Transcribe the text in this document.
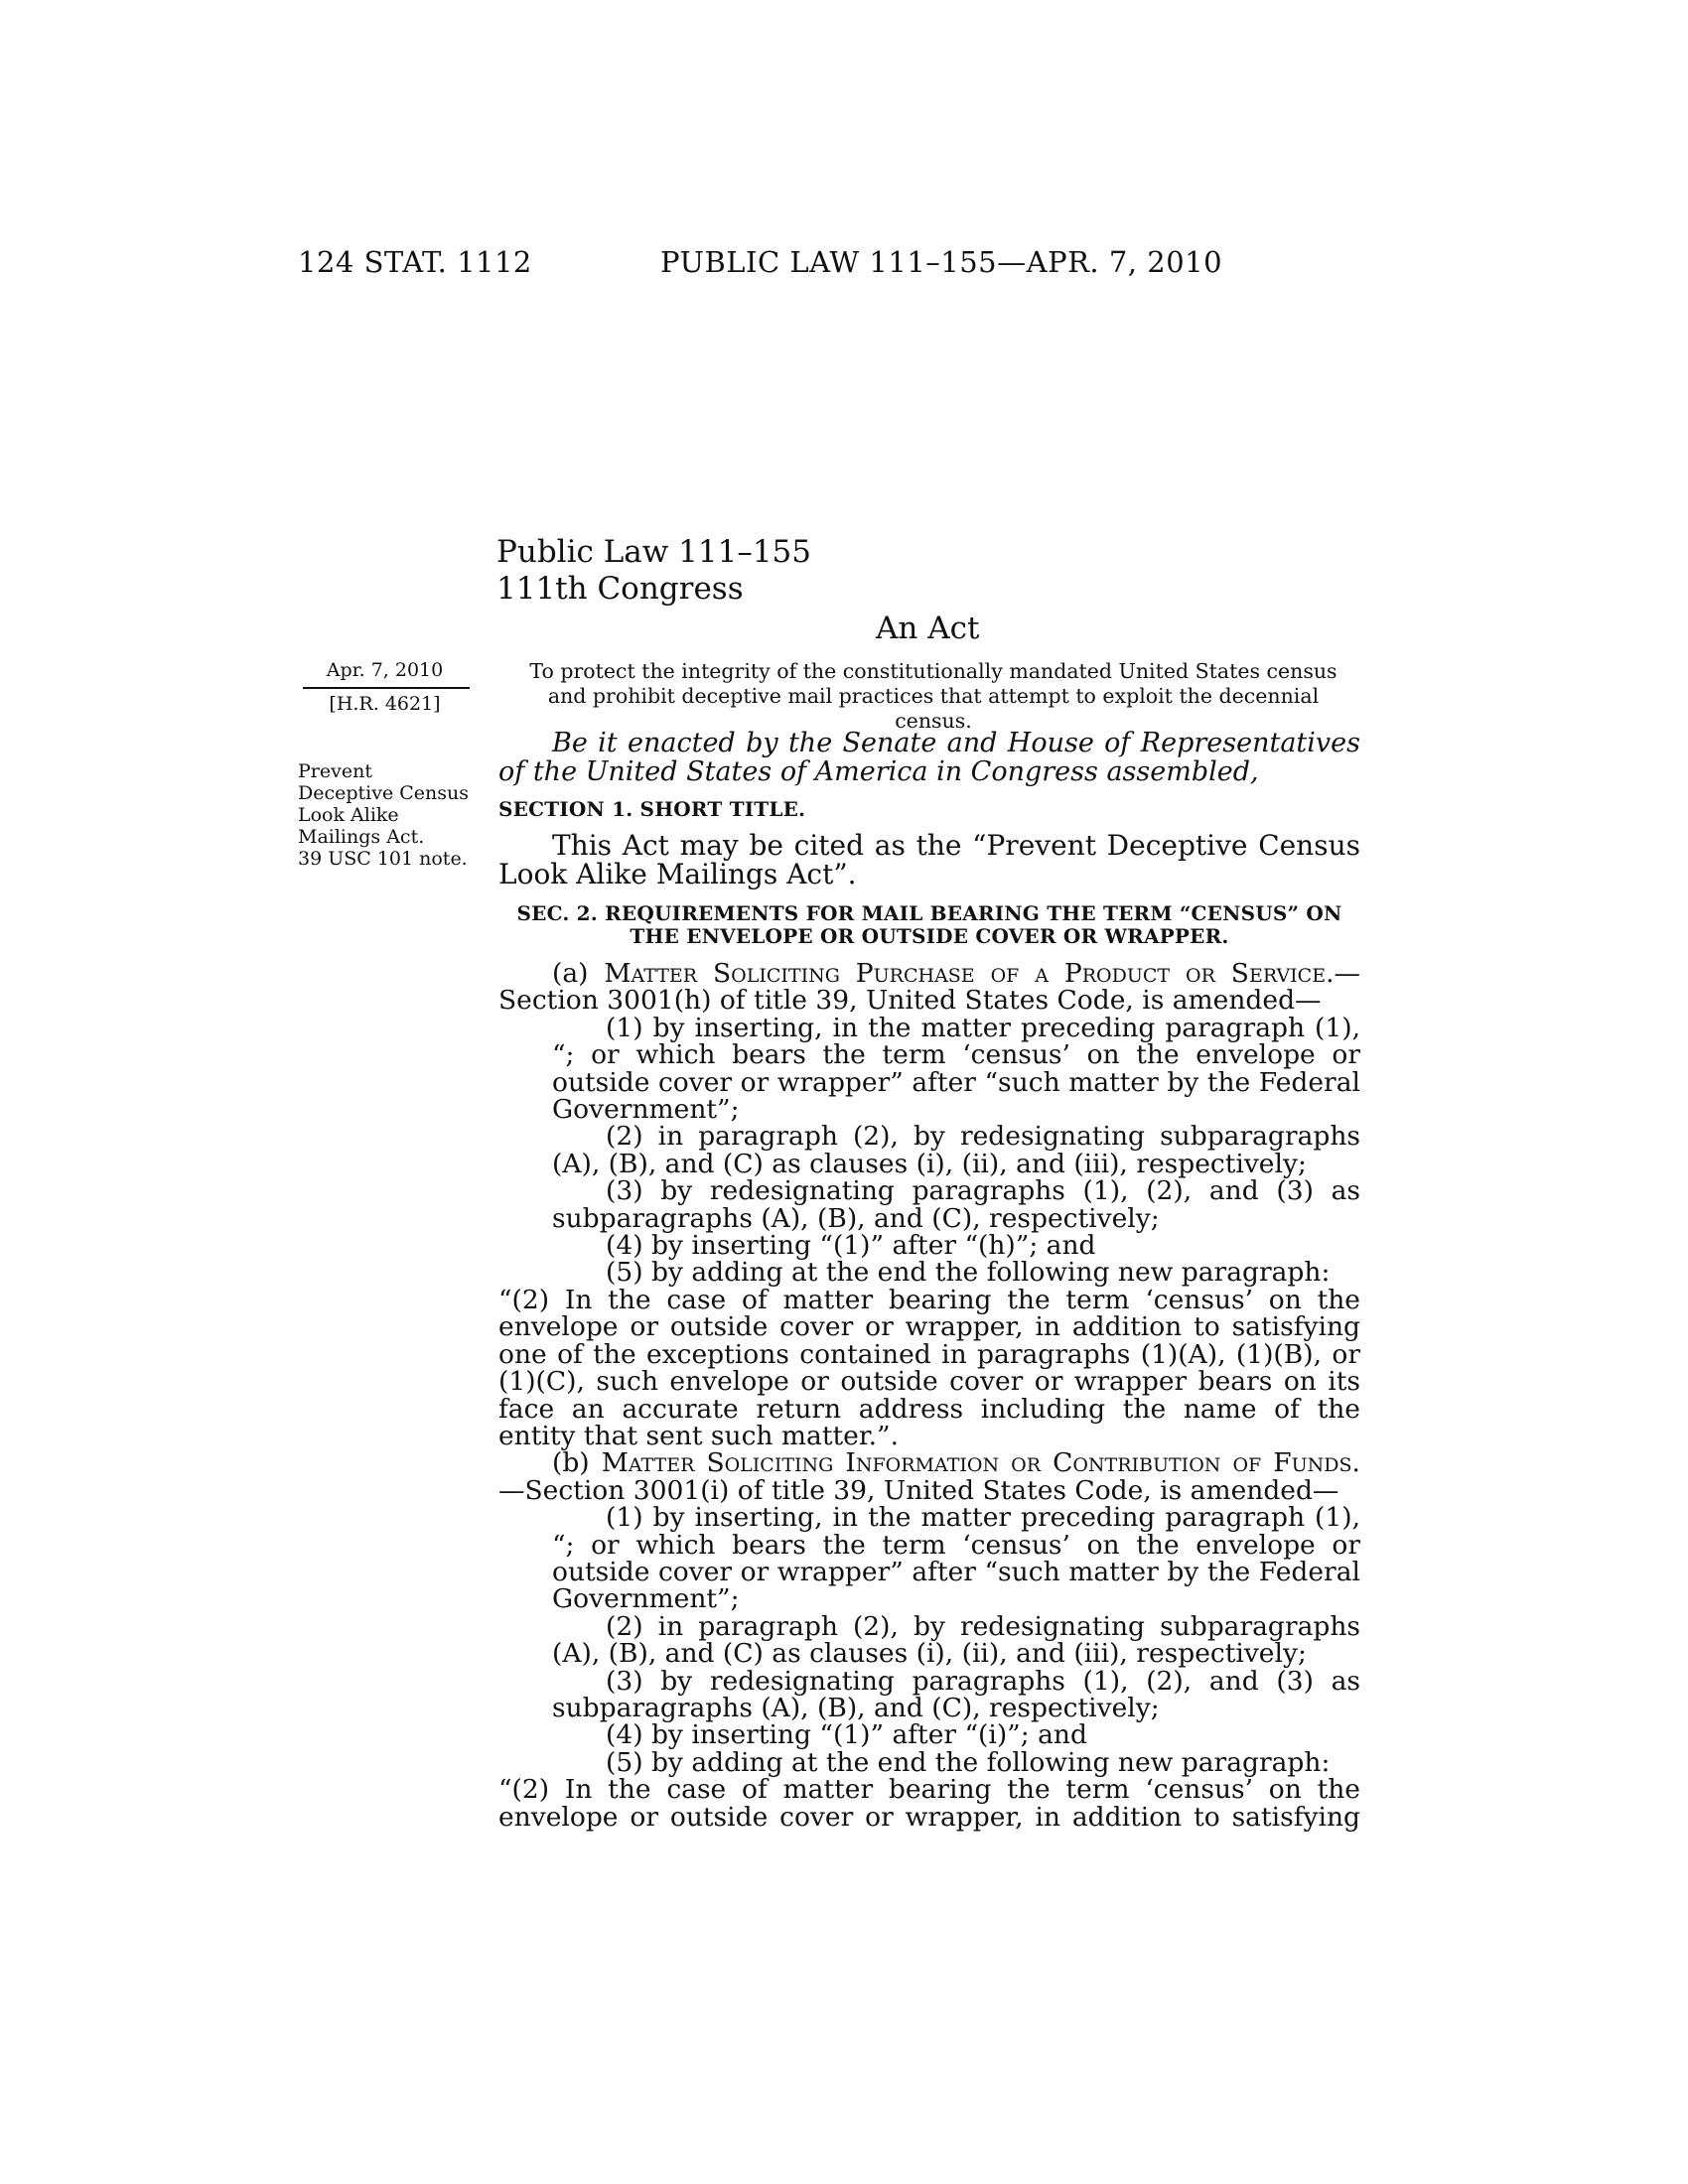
124 STAT. 1112	PUBLIC LAW 111–155—APR. 7, 2010
Public Law 111–155
111th Congress
An Act
Apr. 7, 2010
[H.R. 4621]
Prevent
Deceptive Census
Look Alike
Mailings Act.
39 USC 101 note.
To protect the integrity of the constitutionally mandated United States census
and prohibit deceptive mail practices that attempt to exploit the decennial census.

Be it enacted by the Senate and House of Representatives of the United States of America in Congress assembled,

SECTION 1. SHORT TITLE.

This Act may be cited as the “Prevent Deceptive Census Look Alike Mailings Act”.

SEC. 2. REQUIREMENTS FOR MAIL BEARING THE TERM “CENSUS” ON
THE ENVELOPE OR OUTSIDE COVER OR WRAPPER.

(a) Matter Soliciting Purchase of a Product or Service.—Section 3001(h) of title 39, United States Code, is amended—

(1) by inserting, in the matter preceding paragraph (1), “; or which bears the term ‘census’ on the envelope or outside cover or wrapper” after “such matter by the Federal Government”;

(2) in paragraph (2), by redesignating subparagraphs (A), (B), and (C) as clauses (i), (ii), and (iii), respectively;

(3) by redesignating paragraphs (1), (2), and (3) as subparagraphs (A), (B), and (C), respectively;

(4) by inserting “(1)” after “(h)”; and

(5) by adding at the end the following new paragraph:

“(2) In the case of matter bearing the term ‘census’ on the envelope or outside cover or wrapper, in addition to satisfying one of the exceptions contained in paragraphs (1)(A), (1)(B), or (1)(C), such envelope or outside cover or wrapper bears on its face an accurate return address including the name of the entity that sent such matter.”.

(b) Matter Soliciting Information or Contribution of Funds.—Section 3001(i) of title 39, United States Code, is amended—

(1) by inserting, in the matter preceding paragraph (1), “; or which bears the term ‘census’ on the envelope or outside cover or wrapper” after “such matter by the Federal Government”;

(2) in paragraph (2), by redesignating subparagraphs (A), (B), and (C) as clauses (i), (ii), and (iii), respectively;

(3) by redesignating paragraphs (1), (2), and (3) as subparagraphs (A), (B), and (C), respectively;

(4) by inserting “(1)” after “(i)”; and

(5) by adding at the end the following new paragraph:

“(2) In the case of matter bearing the term ‘census’ on the envelope or outside cover or wrapper, in addition to satisfying
